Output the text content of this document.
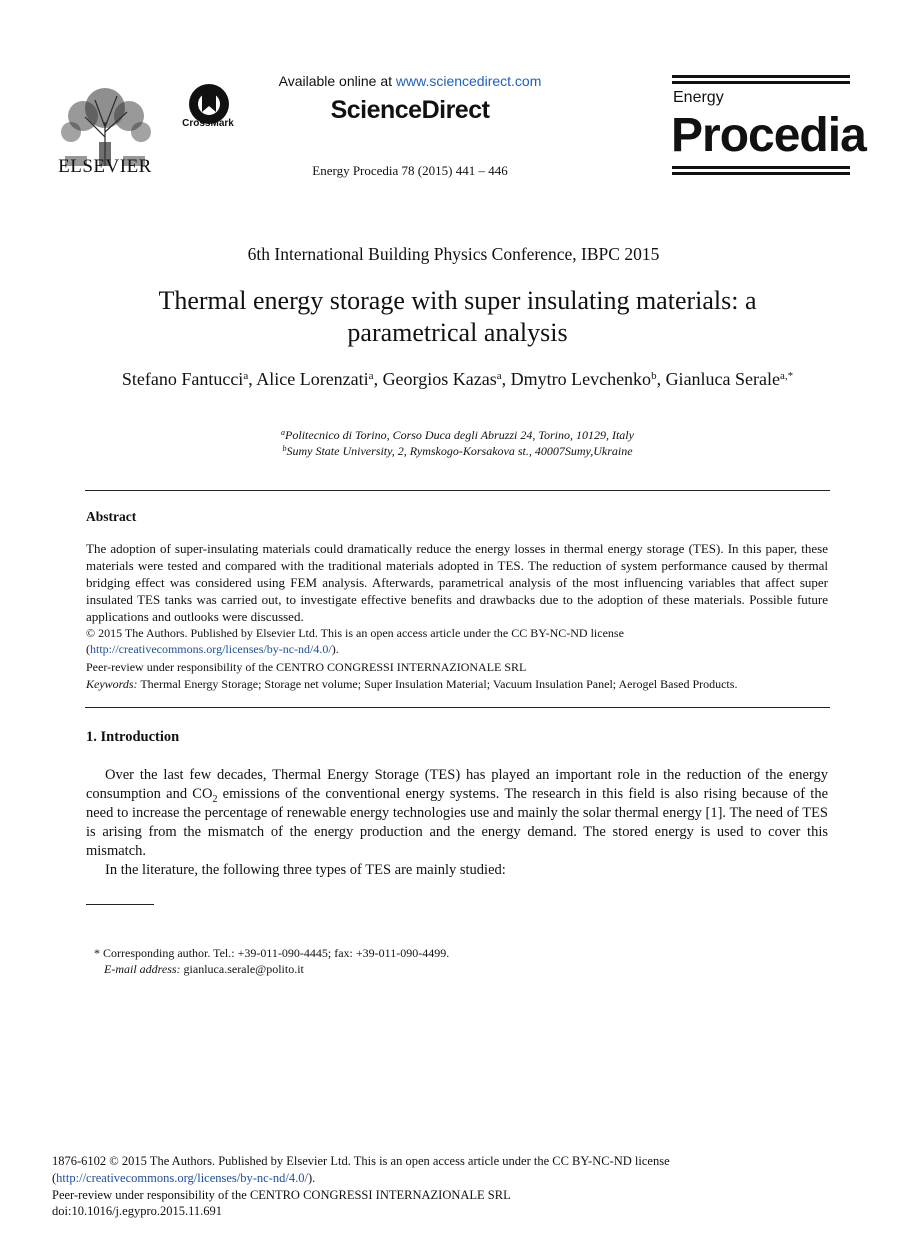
ELSEVIER
CrossMark
Available online at www.sciencedirect.com
ScienceDirect
Energy Procedia 78 (2015) 441 – 446
Energy
Procedia
6th International Building Physics Conference, IBPC 2015
Thermal energy storage with super insulating materials: a
parametrical analysis
Stefano Fantucci$^a$, Alice Lorenzati$^a$, Georgios Kazas$^a$, Dmytro Levchenko$^b$, Gianluca Serale$^{a,*}$
$^a$Politecnico di Torino, Corso Duca degli Abruzzi 24, Torino, 10129, Italy
$^b$Sumy State University, 2, Rymskogo-Korsakova st., 40007Sumy,Ukraine
Abstract
The adoption of super-insulating materials could dramatically reduce the energy losses in thermal energy storage (TES). In this paper, these materials were tested and compared with the traditional materials adopted in TES. The reduction of system performance caused by thermal bridging effect was considered using FEM analysis. Afterwards, parametrical analysis of the most influencing variables that affect super insulated TES tanks was carried out, to investigate effective benefits and drawbacks due to the adoption of these materials. Possible future applications and outlooks were discussed.
© 2015 The Authors. Published by Elsevier Ltd. This is an open access article under the CC BY-NC-ND license
(http://creativecommons.org/licenses/by-nc-nd/4.0/).
Peer-review under responsibility of the CENTRO CONGRESSI INTERNAZIONALE SRL
Keywords: Thermal Energy Storage; Storage net volume; Super Insulation Material; Vacuum Insulation Panel; Aerogel Based Products.
1. Introduction

Over the last few decades, Thermal Energy Storage (TES) has played an important role in the reduction of the energy consumption and $CO_2$ emissions of the conventional energy systems. The research in this field is also rising because of the need to increase the percentage of renewable energy technologies use and mainly the solar thermal energy [1]. The need of TES is arising from the mismatch of the energy production and the energy demand. The stored energy is used to cover this mismatch.

In the literature, the following three types of TES are mainly studied:

* Corresponding author. Tel.: +39-011-090-4445; fax: +39-011-090-4499.
E-mail address: gianluca.serale@polito.it
1876-6102 © 2015 The Authors. Published by Elsevier Ltd. This is an open access article under the CC BY-NC-ND license
(http://creativecommons.org/licenses/by-nc-nd/4.0/).
Peer-review under responsibility of the CENTRO CONGRESSI INTERNAZIONALE SRL
doi:10.1016/j.egypro.2015.11.691
